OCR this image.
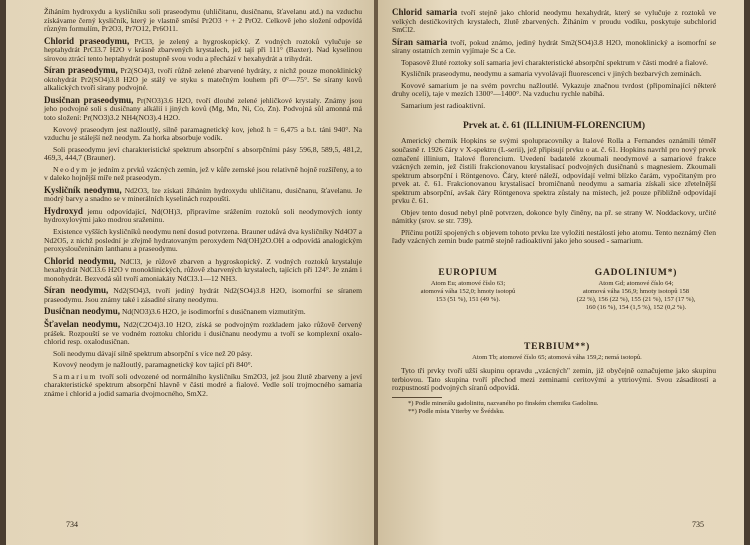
Žíháním hydroxydu a kysličníku soli praseodymu (uhličitanu, dusičnanu, šťavelanu atd.) na vzduchu získávame černý kysličník, který je vlastně směsí Pr2O3 + + 2 PrO2. Celkově jeho složení odpovídá různým formulím, Pr2O3, Pr7O12, Pr6O11.

Chlorid praseodymu, PrCl3, je zelený a hygroskopický. Z vodných roztoků vylučuje se heptahydrát PrCl3.7 H2O v krásně zbarvených krystalech, jež tají při 111° (Baxter). Nad kyselinou sírovou ztrácí tento heptahydrát postupně svou vodu a přechází v hexahydrát a trihydrát.

Síran praseodymu, Pr2(SO4)3, tvoří růžně zelené zbarvené hydráty, z nichž pouze monoklinický oktohydrát Pr2(SO4)3.8 H2O je stálý ve styku s matečným louhem při 0°—75°. Se sírany kovů alkalických tvoří sírany podvojné.

Dusičnan praseodymu, Pr(NO3)3.6 H2O, tvoří dlouhé zelené jehličkové krystaly. Známy jsou jeho podvojné soli s dusičnany alkálií i jiných kovů (Mg, Mn, Ni, Co, Zn). Podvojná sůl amonná má toto složení: Pr(NO3)3.2 NH4(NO3).4 H2O.

Kovový praseodym jest nažloutlý, silně paramagnetický kov, jehož h = 6,475 a b.t. táni 940°. Na vzduchu je stálejší než neodym. Za horka absorbuje vodík.

Soli praseodymu jeví charakteristické spektrum absorpční s absorpčními pásy 596,8, 589,5, 481,2, 469,3, 444,7 (Brauner).

Neodym je jedním z prvků vzácných zemin, jež v kůře zemské jsou relativně hojně rozšířeny, a to v daleko hojnější míře než praseodym.

Kysličník neodymu, Nd2O3, lze získati žíháním hydroxydu uhličitanu, dusičnanu, šťavelanu. Je modrý barvy a snadno se v minerálních kyselinách rozpouští.

Hydroxyd jemu odpovídající, Nd(OH)3, připravíme srážením roztoků soli neodymových ionty hydroxylovými jako modrou sraženinu.

Existence vyšších kysličníků neodymu není dosud potvrzena. Brauner udává dva kysličníky Nd4O7 a Nd2O5, z nichž poslední je zřejmě hydratovaným peroxydem Nd(OH)2O.OH a odpovídá analogickým peroxysloučeninám lanthanu a praseodymu.

Chlorid neodymu, NdCl3, je růžově zbarven a hygroskopický. Z vodných roztoků krystaluje hexahydrát NdCl3.6 H2O v monoklinických, růžově zbarvených krystalech, tajících při 124°. Je znám i monohydrát. Bezvodá sůl tvoří amoniakáty NdCl3.1—12 NH3.

Síran neodymu, Nd2(SO4)3, tvoří jediný hydrát Nd2(SO4)3.8 H2O, isomorfní se síranem praseodymu. Jsou známy také i zásadité sírany neodymu.

Dusičnan neodymu, Nd(NO3)3.6 H2O, je isodimorfní s dusičnanem vizmutitým.

Šťavelan neodymu, Nd2(C2O4)3.10 H2O, získá se podvojným rozkladem jako růžově červený prášek. Rozpouští se ve vodném roztoku chloridu i dusičnanu neodymu a tvoří se komplexní oxalo-chlorid resp. oxalodusičnan.

Soli neodymu dávají silně spektrum absorpční s více než 20 pásy.

Kovový neodym je nažloutlý, paramagnetický kov tající při 840°.

Samarium tvoří soli odvozené od normálního kysličníku Sm2O3, jež jsou žlutě zbarveny a jeví charakteristické spektrum absorpční hlavně v části modré a fialové. Vedle solí trojmocného samaria známe i chlorid a jodid samaria dvojmocného, SmX2.

734

Chlorid samaria tvoří stejně jako chlorid neodymu hexahydrát, který se vylučuje z roztoků ve velkých destičkovitých krystalech, žlutě zbarvených. Žíháním v proudu vodíku, poskytuje subchlorid SmCl2.

Síran samaria tvoří, pokud známo, jediný hydrát Sm2(SO4)3.8 H2O, monoklinický a isomorfní se sírany ostatních zemin vyjímaje Sc a Ce.

Topasově žluté roztoky solí samaria jeví charakteristické absorpční spektrum v části modré a fialové.

Kysličník praseodymu, neodymu a samaria vyvolávají fluorescenci v jiných bezbarvých zeminách.

Kovové samarium je na svém povrchu nažloutlé. Vykazuje značnou tvrdost (připomínající některé druhy oceli), taje v mezích 1300°—1400°. Na vzduchu rychle nabíhá.

Samarium jest radioaktivní.

Prvek at. č. 61 (ILLINIUM-FLORENCIUM)

Americký chemik Hopkins se svými spolupracovníky a Italové Rolla a Fernandes oznámili téměř současně r. 1926 čáry v X-spektru (L-serii), jež připisují prvku o at. č. 61. Hopkins navrhl pro nový prvek označení illinium, Italové florencium. Uvedení badatelé zkoumali neodymové a samariové frakce vzácných zemin, jež čistili frakcionovanou krystalisací podvojných dusičnanů s magnesiem. Zkoumali spektrum absorpční i Röntgenovo. Čáry, které náleží, odpovídají velmi blízko čarám, vypočitaným pro prvek at. č. 61. Frakcionovanou krystalisací bromičnanů neodymu a samaria získali sice zřetelnější spektrum absorpční, avšak čáry Röntgenova spektra zůstaly na místech, jež pouze přibližně odpovídají prvku č. 61.

Objev tento dosud nebyl plně potvrzen, dokonce byly činěny, na př. se strany W. Noddackovy, určité námitky (srov. se str. 739).

Příčinu potíží spojených s objevem tohoto prvku lze vyložiti nestálostí jeho atomu. Tento neznámý člen řady vzácných zemin bude patrně stejně radioaktivní jako jeho soused - samarium.

EUROPIUM
Atom Eu; atomové číslo 63;
atomová váha 152,0; hmoty isotopů
153 (51 %), 151 (49 %).
GADOLINIUM*)
Atom Gd; atomové číslo 64;
atomová váha 156,9; hmoty isotopů 158
(22 %), 156 (22 %), 155 (21 %), 157 (17 %),
160 (16 %), 154 (1,5 %), 152 (0,2 %).
TERBIUM**)
Atom Tb; atomové číslo 65; atomová váha 159,2; nemá isotopů.

Tyto tři prvky tvoří užší skupinu opravdu „vzácných" zemin, již obyčejně označujeme jako skupinu terbiovou. Tato skupina tvoří přechod mezi zeminami ceritovými a yttriovými. Svou zásaditostí a rozpustností podvojných síranů odpovídá.

*) Podle minerálu gadolinitu, nazvaného po finském chemiku Gadolinu.

**) Podle místa Ytterby ve Švédsku.

735
